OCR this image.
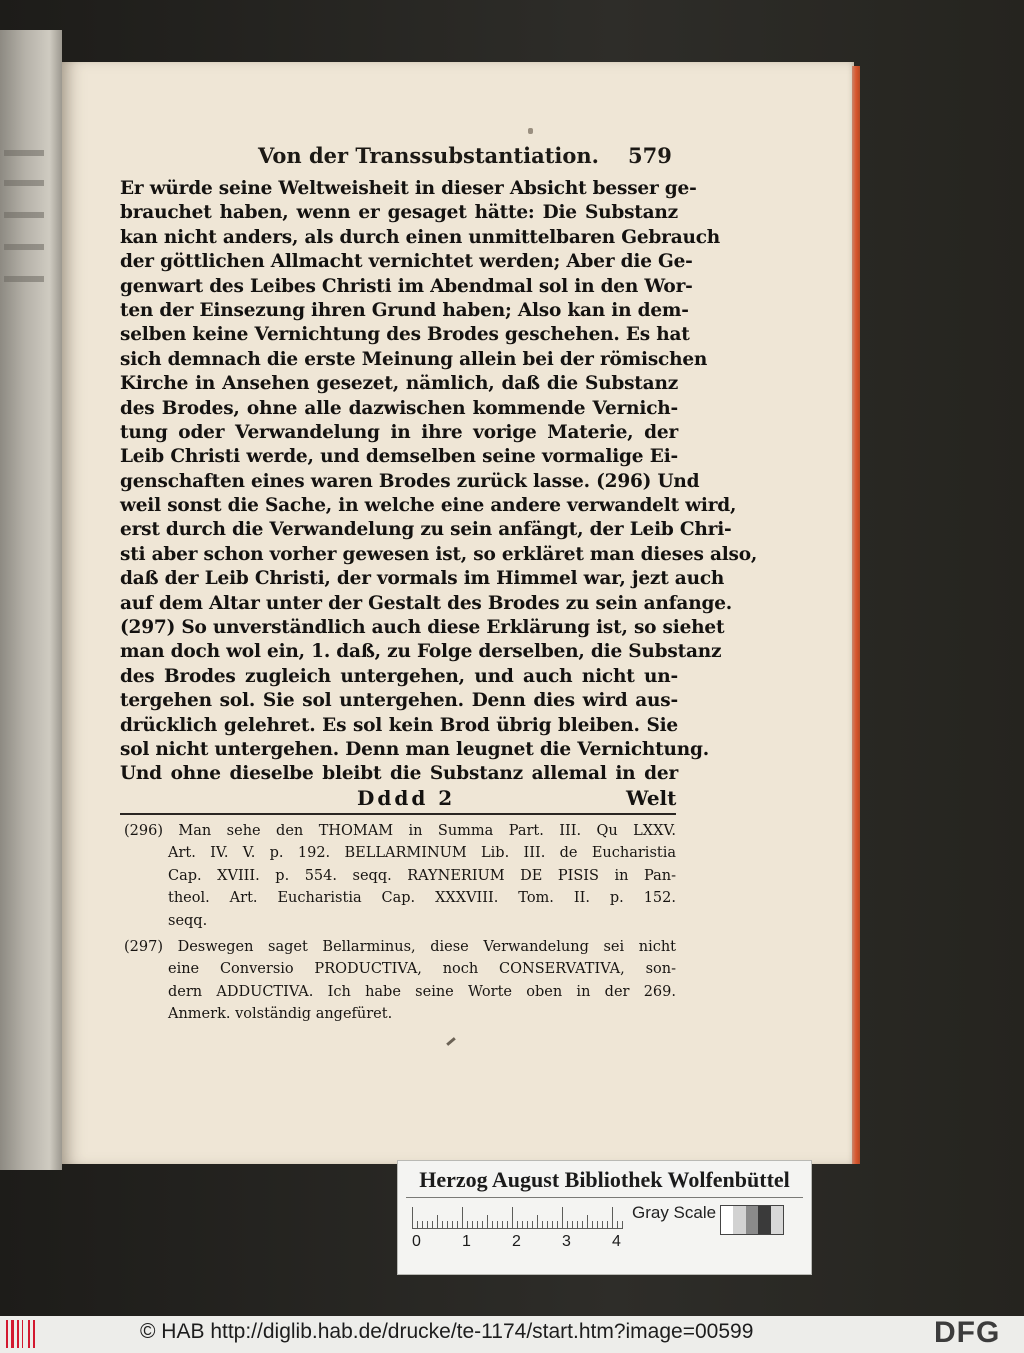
Von der Transsubstantiation. 579
Er würde seine Weltweisheit in dieser Absicht besser ge-
brauchet haben, wenn er gesaget hätte: Die Substanz
kan nicht anders, als durch einen unmittelbaren Gebrauch
der göttlichen Allmacht vernichtet werden; Aber die Ge-
genwart des Leibes Christi im Abendmal sol in den Wor-
ten der Einsezung ihren Grund haben; Also kan in dem-
selben keine Vernichtung des Brodes geschehen. Es hat
sich demnach die erste Meinung allein bei der römischen
Kirche in Ansehen gesezet, nämlich, daß die Substanz
des Brodes, ohne alle dazwischen kommende Vernich-
tung oder Verwandelung in ihre vorige Materie, der
Leib Christi werde, und demselben seine vormalige Ei-
genschaften eines waren Brodes zurück lasse. (296) Und
weil sonst die Sache, in welche eine andere verwandelt wird,
erst durch die Verwandelung zu sein anfängt, der Leib Chri-
sti aber schon vorher gewesen ist, so erkläret man dieses also,
daß der Leib Christi, der vormals im Himmel war, jezt auch
auf dem Altar unter der Gestalt des Brodes zu sein anfange.
(297) So unverständlich auch diese Erklärung ist, so siehet
man doch wol ein, 1. daß, zu Folge derselben, die Substanz
des Brodes zugleich untergehen, und auch nicht un-
tergehen sol. Sie sol untergehen. Denn dies wird aus-
drücklich gelehret. Es sol kein Brod übrig bleiben. Sie
sol nicht untergehen. Denn man leugnet die Vernichtung.
Und ohne dieselbe bleibt die Substanz allemal in der
Dddd 2	Welt
(296) Man sehe den THOMAM in Summa Part. III. Qu LXXV.
Art. IV. V. p. 192. BELLARMINUM Lib. III. de Eucharistia
Cap. XVIII. p. 554. seqq. RAYNERIUM DE PISIS in Pan-
theol. Art. Eucharistia Cap. XXXVIII. Tom. II. p. 152.
seqq.
(297) Deswegen saget Bellarminus, diese Verwandelung sei nicht
eine Conversio PRODUCTIVA, noch CONSERVATIVA, son-
dern ADDUCTIVA. Ich habe seine Worte oben in der 269.
Anmerk. volständig angefüret.
Herzog August Bibliothek Wolfenbüttel
0	1	2	3	4
Gray Scale
© HAB http://diglib.hab.de/drucke/te-1174/start.htm?image=00599	DFG
